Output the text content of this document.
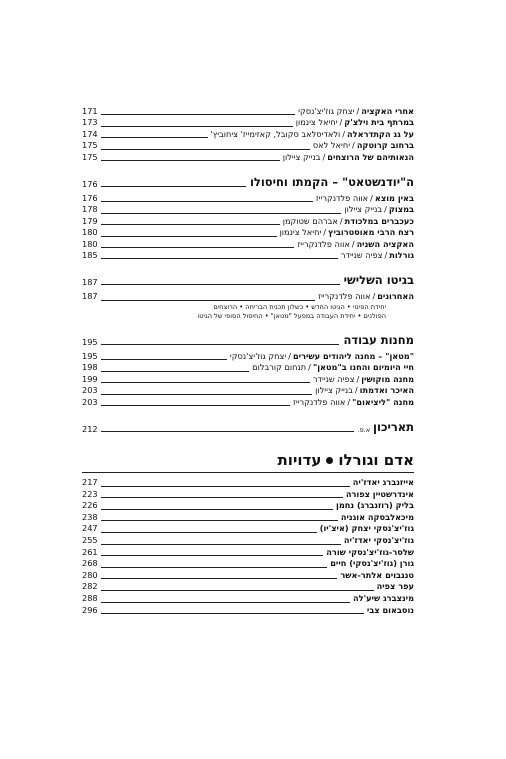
אחרי האקציה
/
יצחק גוז'יצ'נסקי
171
במרתף בית וילצ'ק
/
יחיאל צינמון
173
על גג הקתדראלה
/
ולאדיסלאב סקובל, קאזימייז' ציחוביץ'
174
ברחוב קרוטקה
/
יחיאל לאס
175
הנאותיהם של הרוצחים
/
בנייק ציילון
175
ה"יודנשטאט" – הקמתו וחיסולו
176
באין מוצא
/
אווה פלדנקרייז
176
במצוק
/
בנייק ציילון
178
כעכברים במלכודת
/
אברהם שטוקמן
179
רצח הרבי מאוסטרוביץ
/
יחיאל צינמון
180
האקציה השניה
/
אווה פלדנקרייז
180
גורלות
/
צפיה שניידר
185
בגיטו השלישי
187
האחרונים
/
אווה פלדנקרייז
187
יחידת הפינוי • הגיטו החדש • כשלון תכנית הבריחה • הרוצחים
הפולנים • יחידת העבודה במפעל "מטאן" • החיסול הסופי של הגיטו
מחנות עבודה
195
"מטאן" – מחנה ליהודים עשירים
/
יצחק גוז'יצ'נסקי
195
חיי היומיום והחנו ב"מטאן"
/
תנחום קורבלום
198
מחנה מוקושין
/
צפיה שניידר
199
האיכר ואדמתו
/
בנייק ציילון
203
מחנה "ליציאום"
/
אווה פלדנקרייז
203
תאריכון
א.פ.
212
אדם וגורלועדויות
אייזנברג יאדז'יה
217
אינדרשטיין צפורה
223
בליק (רוזנברג) נחמן
226
מיכאלבסקה אוגניה
238
גוז'יצ'נסקי יצחק (איצ'יו)
247
גוז'יצ'נסקי יאדז'יה
255
שלסר-גוז'יצ'נסקי שורה
261
גורן (גוז'יצ'נסקי) חיים
268
טננבוים אלתר-אשר
280
עפר צפיה
282
מינצברג שיע'לה
288
נוסבאום צבי
296
